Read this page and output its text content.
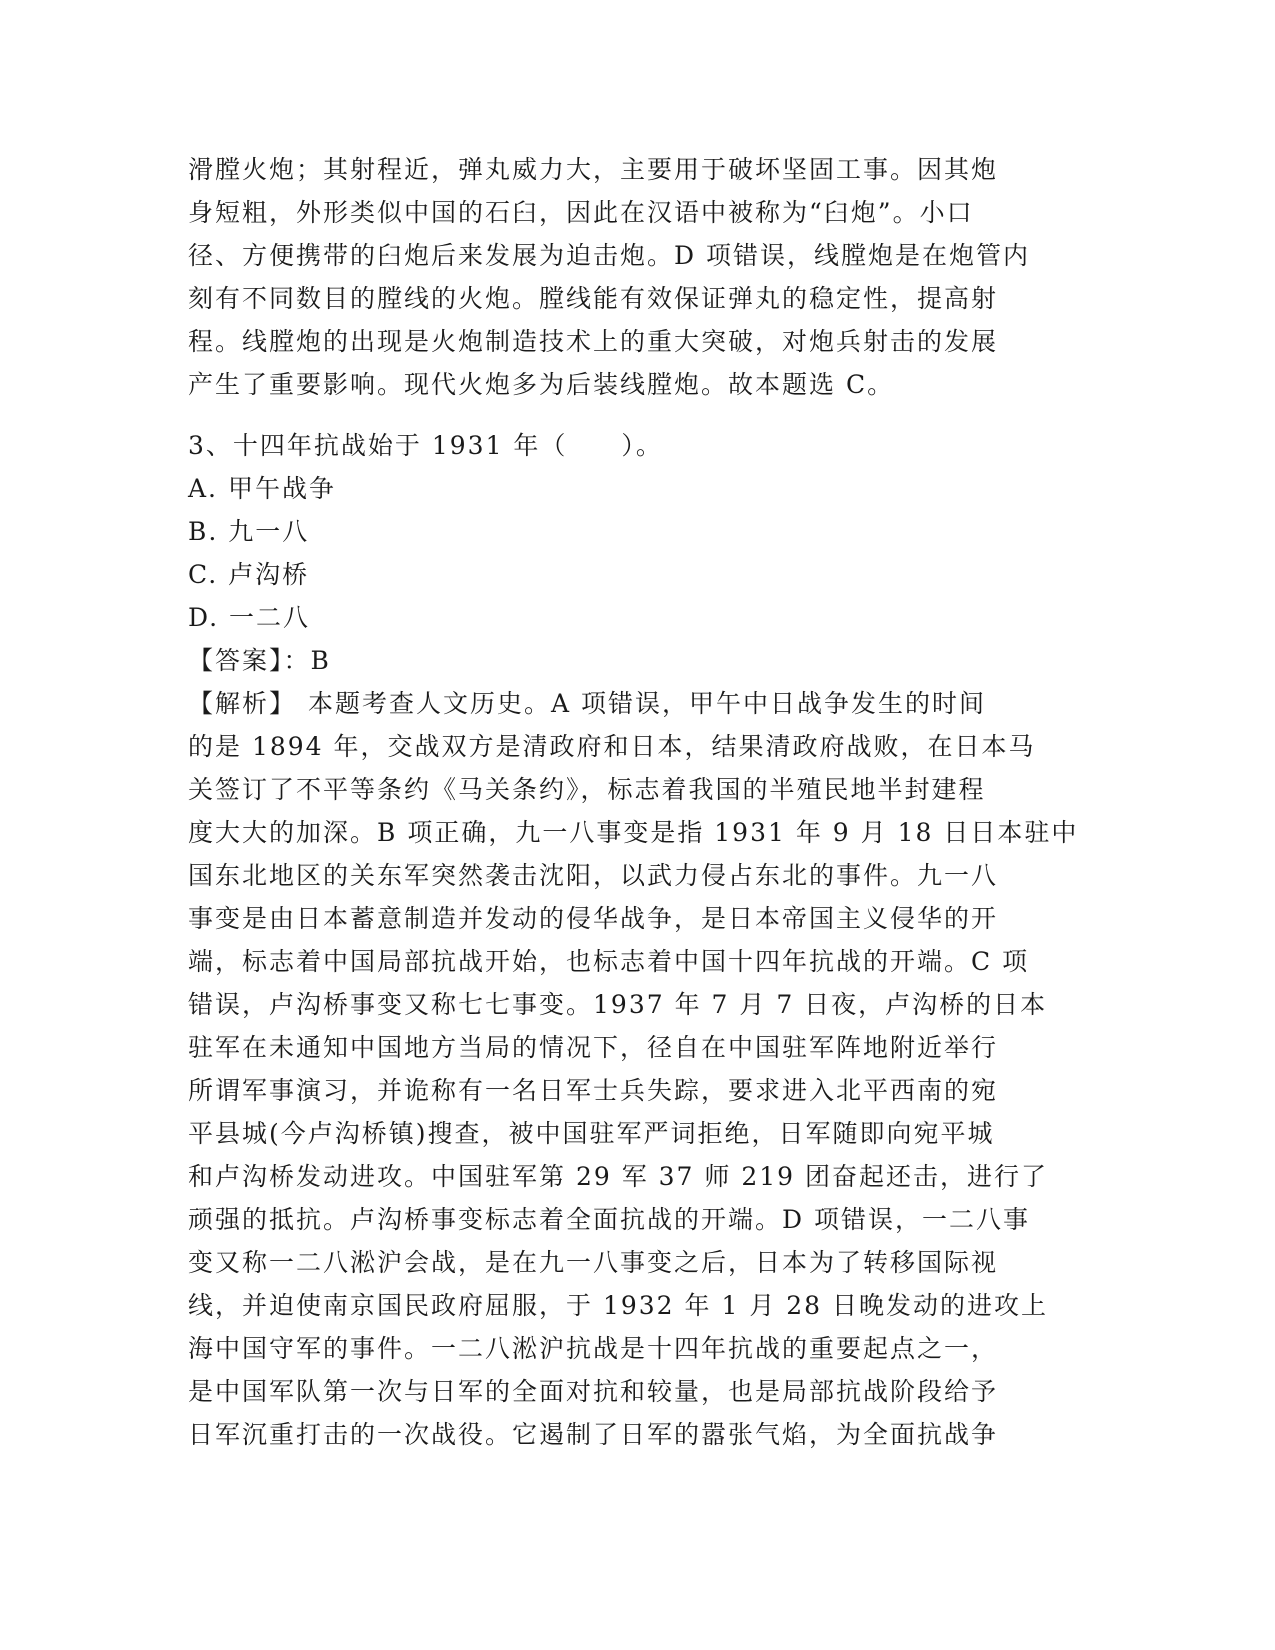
滑膛火炮；其射程近，弹丸威力大，主要用于破坏坚固工事。因其炮
身短粗，外形类似中国的石臼，因此在汉语中被称为“臼炮”。小口
径、方便携带的臼炮后来发展为迫击炮。D 项错误，线膛炮是在炮管内
刻有不同数目的膛线的火炮。膛线能有效保证弹丸的稳定性，提高射
程。线膛炮的出现是火炮制造技术上的重大突破，对炮兵射击的发展
产生了重要影响。现代火炮多为后装线膛炮。故本题选 C。
3、十四年抗战始于 1931 年（　　）。
A. 甲午战争
B. 九一八
C. 卢沟桥
D. 一二八
【答案】：B
【解析】 本题考查人文历史。A 项错误，甲午中日战争发生的时间
的是 1894 年，交战双方是清政府和日本，结果清政府战败，在日本马
关签订了不平等条约《马关条约》，标志着我国的半殖民地半封建程
度大大的加深。B 项正确，九一八事变是指 1931 年 9 月 18 日日本驻中
国东北地区的关东军突然袭击沈阳，以武力侵占东北的事件。九一八
事变是由日本蓄意制造并发动的侵华战争，是日本帝国主义侵华的开
端，标志着中国局部抗战开始，也标志着中国十四年抗战的开端。C 项
错误，卢沟桥事变又称七七事变。1937 年 7 月 7 日夜，卢沟桥的日本
驻军在未通知中国地方当局的情况下，径自在中国驻军阵地附近举行
所谓军事演习，并诡称有一名日军士兵失踪，要求进入北平西南的宛
平县城(今卢沟桥镇)搜查，被中国驻军严词拒绝，日军随即向宛平城
和卢沟桥发动进攻。中国驻军第 29 军 37 师 219 团奋起还击，进行了
顽强的抵抗。卢沟桥事变标志着全面抗战的开端。D 项错误，一二八事
变又称一二八淞沪会战，是在九一八事变之后，日本为了转移国际视
线，并迫使南京国民政府屈服，于 1932 年 1 月 28 日晚发动的进攻上
海中国守军的事件。一二八淞沪抗战是十四年抗战的重要起点之一，
是中国军队第一次与日军的全面对抗和较量，也是局部抗战阶段给予
日军沉重打击的一次战役。它遏制了日军的嚣张气焰，为全面抗战争
